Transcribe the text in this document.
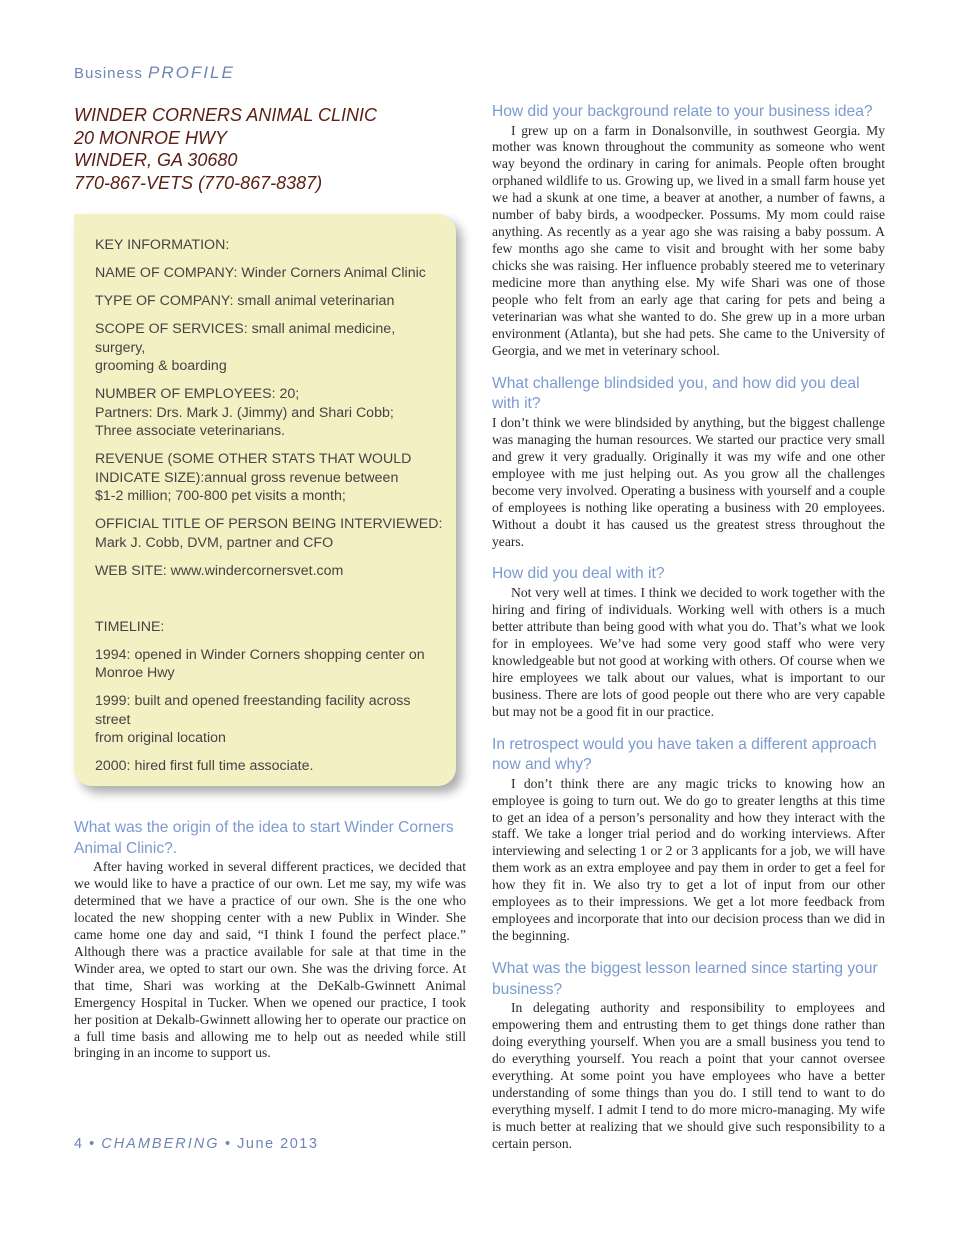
Business PROFILE
WINDER CORNERS ANIMAL CLINIC
20 MONROE HWY
WINDER, GA 30680
770-867-VETS (770-867-8387)

KEY INFORMATION:

NAME OF COMPANY: Winder Corners Animal Clinic

TYPE OF COMPANY: small animal veterinarian

SCOPE OF SERVICES: small animal medicine, surgery,
grooming & boarding

NUMBER OF EMPLOYEES: 20;
Partners: Drs. Mark J. (Jimmy) and Shari Cobb;
Three associate veterinarians.

REVENUE (SOME OTHER STATS THAT WOULD
INDICATE SIZE):annual gross revenue between
$1-2 million; 700-800 pet visits a month;

OFFICIAL TITLE OF PERSON BEING INTERVIEWED:
Mark J. Cobb, DVM, partner and CFO

WEB SITE: www.windercornersvet.com

TIMELINE:

1994: opened in Winder Corners shopping center on
Monroe Hwy

1999: built and opened freestanding facility across street
from original location

2000: hired first full time associate.

What was the origin of the idea to start Winder Corners Animal Clinic?.

After having worked in several different practices, we decided that we would like to have a practice of our own. Let me say, my wife was determined that we have a practice of our own. She is the one who located the new shopping center with a new Publix in Winder. She came home one day and said, “I think I found the perfect place.” Although there was a practice available for sale at that time in the Winder area, we opted to start our own. She was the driving force. At that time, Shari was working at the DeKalb-Gwinnett Animal Emergency Hospital in Tucker. When we opened our practice, I took her position at Dekalb-Gwinnett allowing her to operate our practice on a full time basis and allowing me to help out as needed while still bringing in an income to support us.

How did your background relate to your business idea?

I grew up on a farm in Donalsonville, in southwest Georgia. My mother was known throughout the community as someone who went way beyond the ordinary in caring for animals. People often brought orphaned wildlife to us. Growing up, we lived in a small farm house yet we had a skunk at one time, a beaver at another, a number of fawns, a number of baby birds, a woodpecker. Possums. My mom could raise anything. As recently as a year ago she was raising a baby possum. A few months ago she came to visit and brought with her some baby chicks she was raising. Her influence probably steered me to veterinary medicine more than anything else. My wife Shari was one of those people who felt from an early age that caring for pets and being a veterinarian was what she wanted to do. She grew up in a more urban environment (Atlanta), but she had pets. She came to the University of Georgia, and we met in veterinary school.

What challenge blindsided you, and how did you deal with it?

I don’t think we were blindsided by anything, but the biggest challenge was managing the human resources. We started our practice very small and grew it very gradually. Originally it was my wife and one other employee with me just helping out. As you grow all the challenges become very involved. Operating a business with yourself and a couple of employees is nothing like operating a business with 20 employees. Without a doubt it has caused us the greatest stress throughout the years.

How did you deal with it?

Not very well at times. I think we decided to work together with the hiring and firing of individuals. Working well with others is a much better attribute than being good with what you do. That’s what we look for in employees. We’ve had some very good staff who were very knowledgeable but not good at working with others. Of course when we hire employees we talk about our values, what is important to our business. There are lots of good people out there who are very capable but may not be a good fit in our practice.

In retrospect would you have taken a different approach now and why?

I don’t think there are any magic tricks to knowing how an employee is going to turn out. We do go to greater lengths at this time to get an idea of a person’s personality and how they interact with the staff. We take a longer trial period and do working interviews. After interviewing and selecting 1 or 2 or 3 applicants for a job, we will have them work as an extra employee and pay them in order to get a feel for how they fit in. We also try to get a lot of input from our other employees as to their impressions. We get a lot more feedback from employees and incorporate that into our decision process than we did in the beginning.

What was the biggest lesson learned since starting your business?

In delegating authority and responsibility to employees and empowering them and entrusting them to get things done rather than doing everything yourself. When you are a small business you tend to do everything yourself. You reach a point that your cannot oversee everything. At some point you have employees who have a better understanding of some things than you do. I still tend to want to do everything myself. I admit I tend to do more micro-managing. My wife is much better at realizing that we should give such responsibility to a certain person.

4 • CHAMBERING • June 2013
